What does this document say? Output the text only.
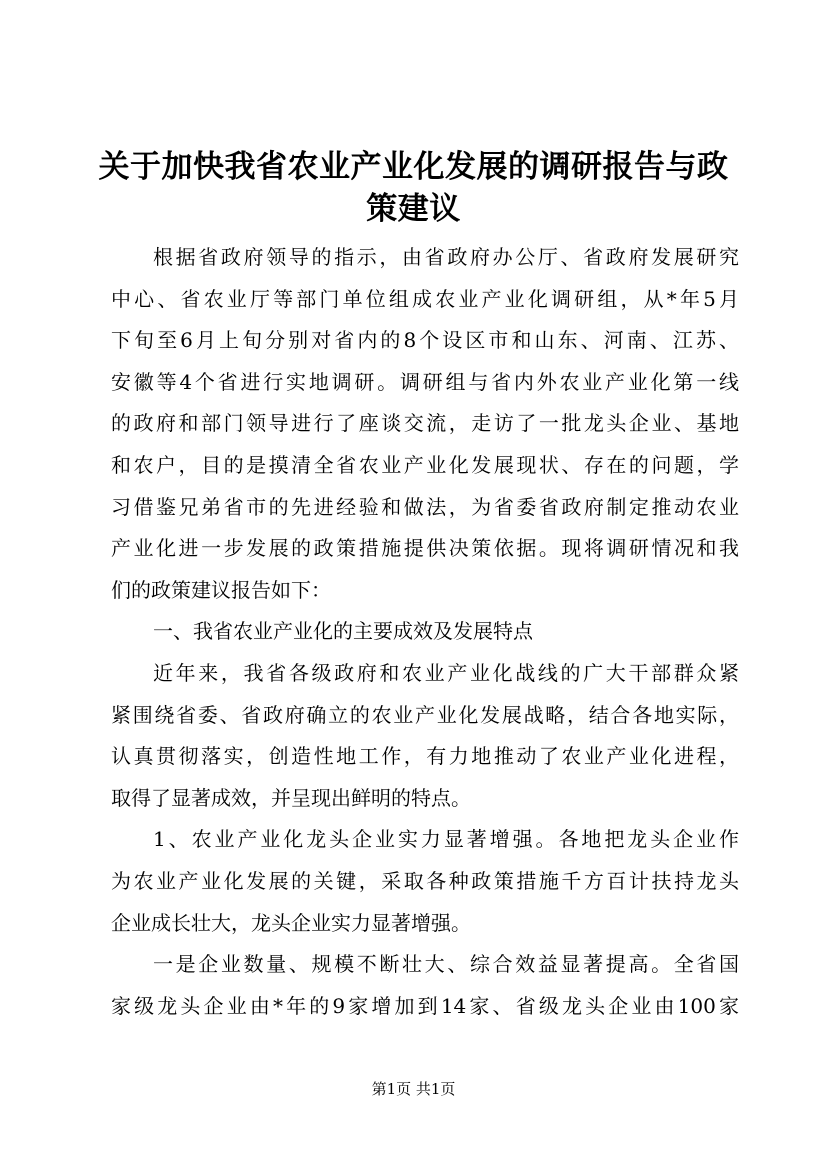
关于加快我省农业产业化发展的调研报告与政
策建议
根据省政府领导的指示，由省政府办公厅、省政府发展研究
中心、省农业厅等部门单位组成农业产业化调研组，从*年5月
下旬至6月上旬分别对省内的8个设区市和山东、河南、江苏、
安徽等4个省进行实地调研。调研组与省内外农业产业化第一线
的政府和部门领导进行了座谈交流，走访了一批龙头企业、基地
和农户，目的是摸清全省农业产业化发展现状、存在的问题，学
习借鉴兄弟省市的先进经验和做法，为省委省政府制定推动农业
产业化进一步发展的政策措施提供决策依据。现将调研情况和我
们的政策建议报告如下：
一、我省农业产业化的主要成效及发展特点
近年来，我省各级政府和农业产业化战线的广大干部群众紧
紧围绕省委、省政府确立的农业产业化发展战略，结合各地实际，
认真贯彻落实，创造性地工作，有力地推动了农业产业化进程，
取得了显著成效，并呈现出鲜明的特点。
1、农业产业化龙头企业实力显著增强。各地把龙头企业作
为农业产业化发展的关键，采取各种政策措施千方百计扶持龙头
企业成长壮大，龙头企业实力显著增强。
一是企业数量、规模不断壮大、综合效益显著提高。全省国
家级龙头企业由*年的9家增加到14家、省级龙头企业由100家
第1页 共1页
